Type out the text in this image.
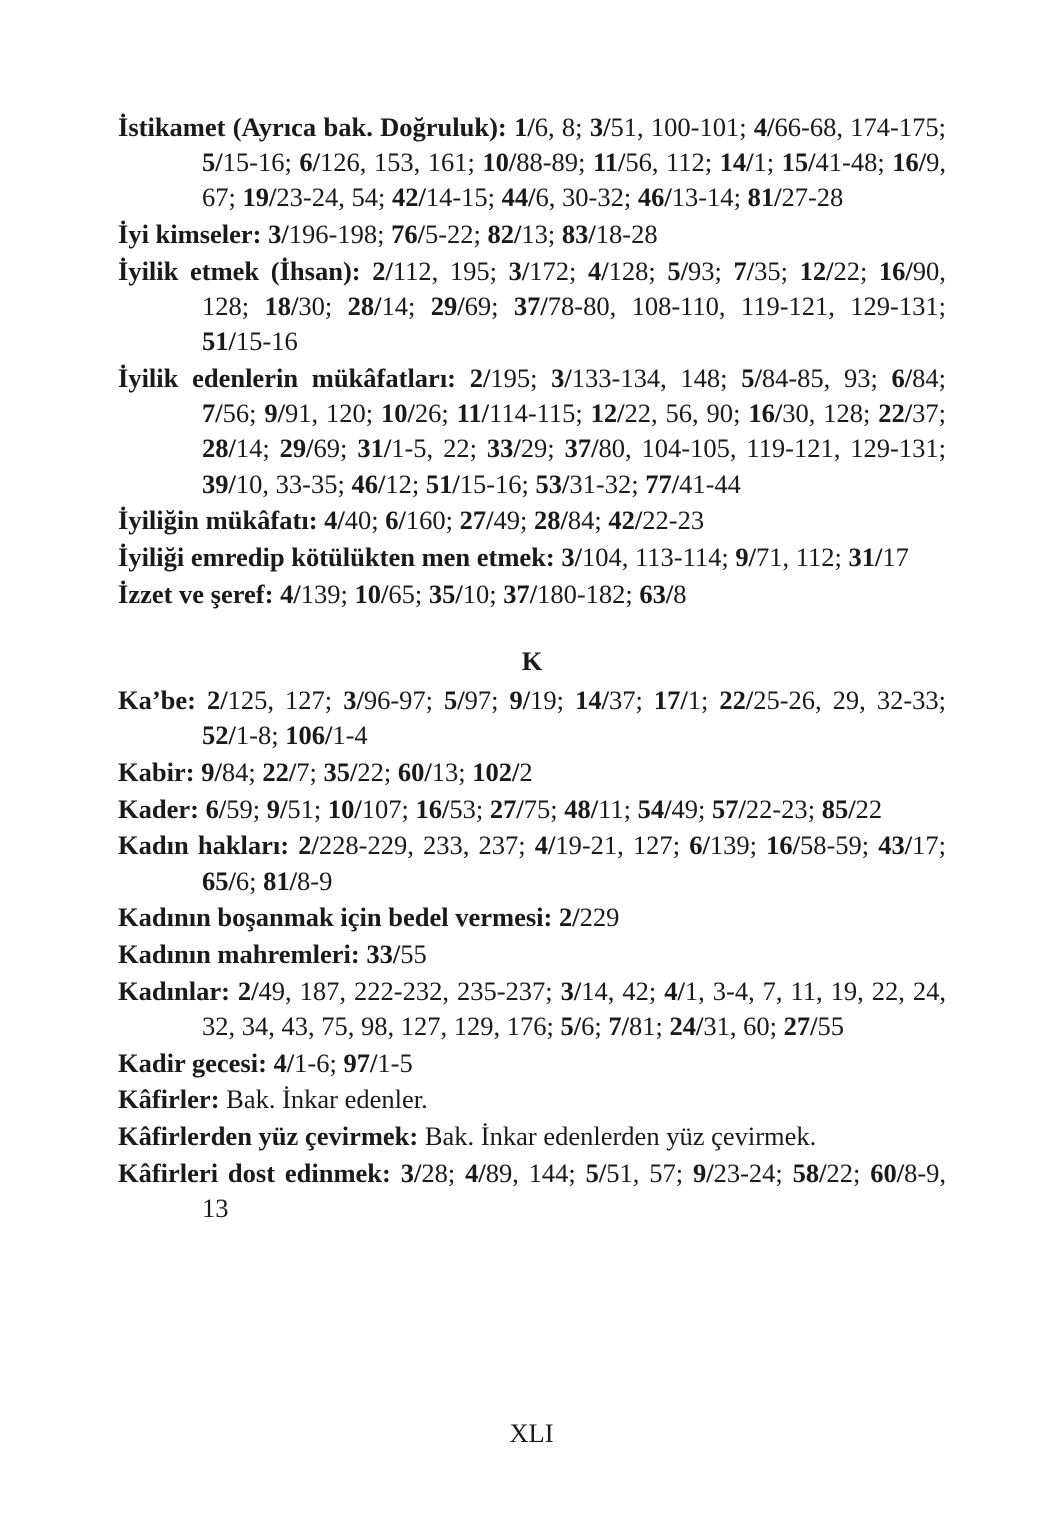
İstikamet (Ayrıca bak. Doğruluk): 1/6, 8; 3/51, 100-101; 4/66-68, 174-175; 5/15-16; 6/126, 153, 161; 10/88-89; 11/56, 112; 14/1; 15/41-48; 16/9, 67; 19/23-24, 54; 42/14-15; 44/6, 30-32; 46/13-14; 81/27-28

İyi kimseler: 3/196-198; 76/5-22; 82/13; 83/18-28

İyilik etmek (İhsan): 2/112, 195; 3/172; 4/128; 5/93; 7/35; 12/22; 16/90, 128; 18/30; 28/14; 29/69; 37/78-80, 108-110, 119-121, 129-131; 51/15-16

İyilik edenlerin mükâfatları: 2/195; 3/133-134, 148; 5/84-85, 93; 6/84; 7/56; 9/91, 120; 10/26; 11/114-115; 12/22, 56, 90; 16/30, 128; 22/37; 28/14; 29/69; 31/1-5, 22; 33/29; 37/80, 104-105, 119-121, 129-131; 39/10, 33-35; 46/12; 51/15-16; 53/31-32; 77/41-44

İyiliğin mükâfatı: 4/40; 6/160; 27/49; 28/84; 42/22-23

İyiliği emredip kötülükten men etmek: 3/104, 113-114; 9/71, 112; 31/17

İzzet ve şeref: 4/139; 10/65; 35/10; 37/180-182; 63/8

K

Ka’be: 2/125, 127; 3/96-97; 5/97; 9/19; 14/37; 17/1; 22/25-26, 29, 32-33; 52/1-8; 106/1-4

Kabir: 9/84; 22/7; 35/22; 60/13; 102/2

Kader: 6/59; 9/51; 10/107; 16/53; 27/75; 48/11; 54/49; 57/22-23; 85/22

Kadın hakları: 2/228-229, 233, 237; 4/19-21, 127; 6/139; 16/58-59; 43/17; 65/6; 81/8-9

Kadının boşanmak için bedel vermesi: 2/229

Kadının mahremleri: 33/55

Kadınlar: 2/49, 187, 222-232, 235-237; 3/14, 42; 4/1, 3-4, 7, 11, 19, 22, 24, 32, 34, 43, 75, 98, 127, 129, 176; 5/6; 7/81; 24/31, 60; 27/55

Kadir gecesi: 4/1-6; 97/1-5

Kâfirler: Bak. İnkar edenler.

Kâfirlerden yüz çevirmek: Bak. İnkar edenlerden yüz çevirmek.

Kâfirleri dost edinmek: 3/28; 4/89, 144; 5/51, 57; 9/23-24; 58/22; 60/8-9, 13

XLI
